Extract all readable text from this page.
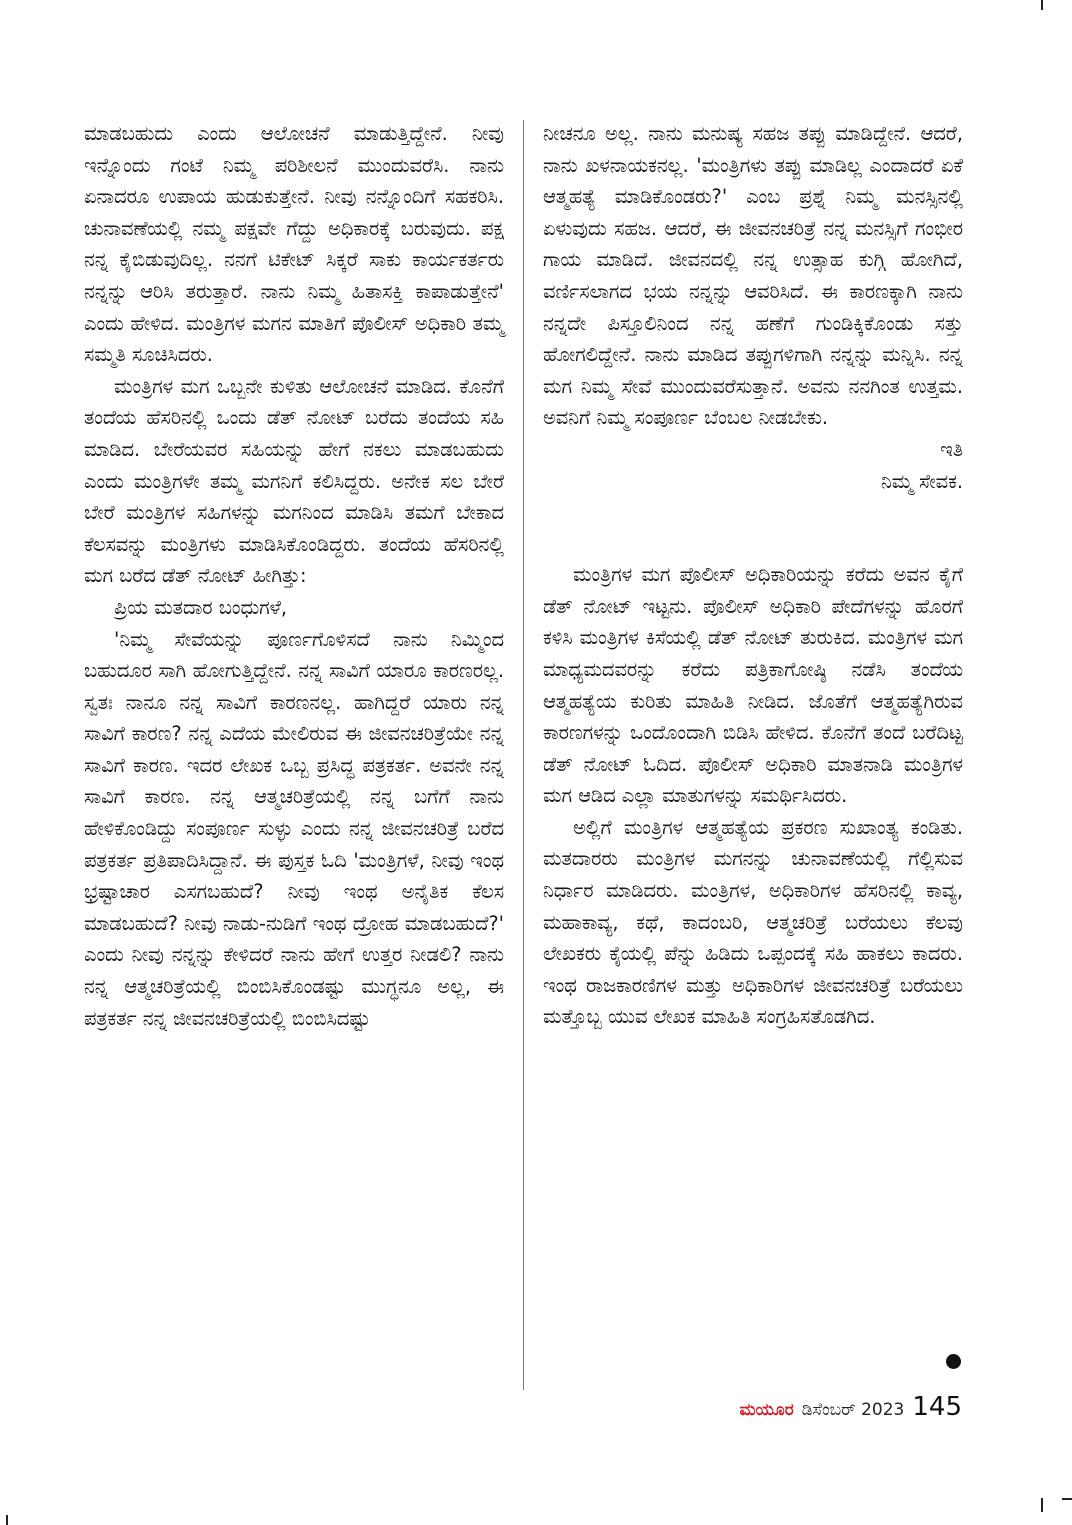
ಮಾಡಬಹುದು ಎಂದು ಆಲೋಚನೆ ಮಾಡುತ್ತಿದ್ದೇನೆ. ನೀವು ಇನ್ನೊಂದು ಗಂಟೆ ನಿಮ್ಮ ಪರಿಶೀಲನೆ ಮುಂದುವರೆಸಿ. ನಾನು ಏನಾದರೂ ಉಪಾಯ ಹುಡುಕುತ್ತೇನೆ. ನೀವು ನನ್ನೊಂದಿಗೆ ಸಹಕರಿಸಿ. ಚುನಾವಣೆಯಲ್ಲಿ ನಮ್ಮ ಪಕ್ಷವೇ ಗೆದ್ದು ಅಧಿಕಾರಕ್ಕೆ ಬರುವುದು. ಪಕ್ಷ ನನ್ನ ಕೈಬಿಡುವುದಿಲ್ಲ. ನನಗೆ ಟಿಕೇಟ್ ಸಿಕ್ಕರೆ ಸಾಕು ಕಾರ್ಯಕರ್ತರು ನನ್ನನ್ನು ಆರಿಸಿ ತರುತ್ತಾರೆ. ನಾನು ನಿಮ್ಮ ಹಿತಾಸಕ್ತಿ ಕಾಪಾಡುತ್ತೇನೆ' ಎಂದು ಹೇಳಿದ. ಮಂತ್ರಿಗಳ ಮಗನ ಮಾತಿಗೆ ಪೊಲೀಸ್ ಅಧಿಕಾರಿ ತಮ್ಮ ಸಮ್ಮತಿ ಸೂಚಿಸಿದರು.

ಮಂತ್ರಿಗಳ ಮಗ ಒಬ್ಬನೇ ಕುಳಿತು ಆಲೋಚನೆ ಮಾಡಿದ. ಕೊನೆಗೆ ತಂದೆಯ ಹೆಸರಿನಲ್ಲಿ ಒಂದು ಡೆತ್ ನೋಟ್ ಬರೆದು ತಂದೆಯ ಸಹಿ ಮಾಡಿದ. ಬೇರೆಯವರ ಸಹಿಯನ್ನು ಹೇಗೆ ನಕಲು ಮಾಡಬಹುದು ಎಂದು ಮಂತ್ರಿಗಳೇ ತಮ್ಮ ಮಗನಿಗೆ ಕಲಿಸಿದ್ದರು. ಅನೇಕ ಸಲ ಬೇರೆ ಬೇರೆ ಮಂತ್ರಿಗಳ ಸಹಿಗಳನ್ನು ಮಗನಿಂದ ಮಾಡಿಸಿ ತಮಗೆ ಬೇಕಾದ ಕೆಲಸವನ್ನು ಮಂತ್ರಿಗಳು ಮಾಡಿಸಿಕೊಂಡಿದ್ದರು. ತಂದೆಯ ಹೆಸರಿನಲ್ಲಿ ಮಗ ಬರೆದ ಡೆತ್ ನೋಟ್ ಹೀಗಿತ್ತು:

ಪ್ರಿಯ ಮತದಾರ ಬಂಧುಗಳೆ,

'ನಿಮ್ಮ ಸೇವೆಯನ್ನು ಪೂರ್ಣಗೊಳಿಸದೆ ನಾನು ನಿಮ್ಮಿಂದ ಬಹುದೂರ ಸಾಗಿ ಹೋಗುತ್ತಿದ್ದೇನೆ. ನನ್ನ ಸಾವಿಗೆ ಯಾರೂ ಕಾರಣರಲ್ಲ. ಸ್ವತಃ ನಾನೂ ನನ್ನ ಸಾವಿಗೆ ಕಾರಣನಲ್ಲ. ಹಾಗಿದ್ದರೆ ಯಾರು ನನ್ನ ಸಾವಿಗೆ ಕಾರಣ? ನನ್ನ ಎದೆಯ ಮೇಲಿರುವ ಈ ಜೀವನಚರಿತ್ರೆಯೇ ನನ್ನ ಸಾವಿಗೆ ಕಾರಣ. ಇದರ ಲೇಖಕ ಒಬ್ಬ ಪ್ರಸಿದ್ಧ ಪತ್ರಕರ್ತ. ಅವನೇ ನನ್ನ ಸಾವಿಗೆ ಕಾರಣ. ನನ್ನ ಆತ್ಮಚರಿತ್ರೆಯಲ್ಲಿ ನನ್ನ ಬಗೆಗೆ ನಾನು ಹೇಳಿಕೊಂಡಿದ್ದು ಸಂಪೂರ್ಣ ಸುಳ್ಳು ಎಂದು ನನ್ನ ಜೀವನಚರಿತ್ರೆ ಬರೆದ ಪತ್ರಕರ್ತ ಪ್ರತಿಪಾದಿಸಿದ್ದಾನೆ. ಈ ಪುಸ್ತಕ ಓದಿ 'ಮಂತ್ರಿಗಳೆ, ನೀವು ಇಂಥ ಭ್ರಷ್ಟಾಚಾರ ಎಸಗಬಹುದೆ? ನೀವು ಇಂಥ ಅನೈತಿಕ ಕೆಲಸ ಮಾಡಬಹುದೆ? ನೀವು ನಾಡು-ನುಡಿಗೆ ಇಂಥ ದ್ರೋಹ ಮಾಡಬಹುದೆ?' ಎಂದು ನೀವು ನನ್ನನ್ನು ಕೇಳಿದರೆ ನಾನು ಹೇಗೆ ಉತ್ತರ ನೀಡಲಿ? ನಾನು ನನ್ನ ಆತ್ಮಚರಿತ್ರೆಯಲ್ಲಿ ಬಿಂಬಿಸಿಕೊಂಡಷ್ಟು ಮುಗ್ಧನೂ ಅಲ್ಲ, ಈ ಪತ್ರಕರ್ತ ನನ್ನ ಜೀವನಚರಿತ್ರೆಯಲ್ಲಿ ಬಿಂಬಿಸಿದಷ್ಟು

ನೀಚನೂ ಅಲ್ಲ. ನಾನು ಮನುಷ್ಯ ಸಹಜ ತಪ್ಪು ಮಾಡಿದ್ದೇನೆ. ಆದರೆ, ನಾನು ಖಳನಾಯಕನಲ್ಲ. 'ಮಂತ್ರಿಗಳು ತಪ್ಪು ಮಾಡಿಲ್ಲ ಎಂದಾದರೆ ಏಕೆ ಆತ್ಮಹತ್ಯೆ ಮಾಡಿಕೊಂಡರು?' ಎಂಬ ಪ್ರಶ್ನೆ ನಿಮ್ಮ ಮನಸ್ಸಿನಲ್ಲಿ ಏಳುವುದು ಸಹಜ. ಆದರೆ, ಈ ಜೀವನಚರಿತ್ರೆ ನನ್ನ ಮನಸ್ಸಿಗೆ ಗಂಭೀರ ಗಾಯ ಮಾಡಿದೆ. ಜೀವನದಲ್ಲಿ ನನ್ನ ಉತ್ಸಾಹ ಕುಗ್ಗಿ ಹೋಗಿದೆ, ವರ್ಣಿಸಲಾಗದ ಭಯ ನನ್ನನ್ನು ಆವರಿಸಿದೆ. ಈ ಕಾರಣಕ್ಕಾಗಿ ನಾನು ನನ್ನದೇ ಪಿಸ್ತೂಲಿನಿಂದ ನನ್ನ ಹಣೆಗೆ ಗುಂಡಿಕ್ಕಿಕೊಂಡು ಸತ್ತು ಹೋಗಲಿದ್ದೇನೆ. ನಾನು ಮಾಡಿದ ತಪ್ಪುಗಳಿಗಾಗಿ ನನ್ನನ್ನು ಮನ್ನಿಸಿ. ನನ್ನ ಮಗ ನಿಮ್ಮ ಸೇವೆ ಮುಂದುವರೆಸುತ್ತಾನೆ. ಅವನು ನನಗಿಂತ ಉತ್ತಮ. ಅವನಿಗೆ ನಿಮ್ಮ ಸಂಪೂರ್ಣ ಬೆಂಬಲ ನೀಡಬೇಕು.

ಇತಿ

ನಿಮ್ಮ ಸೇವಕ.

ಮಂತ್ರಿಗಳ ಮಗ ಪೊಲೀಸ್ ಅಧಿಕಾರಿಯನ್ನು ಕರೆದು ಅವನ ಕೈಗೆ ಡೆತ್ ನೋಟ್ ಇಟ್ಟನು. ಪೊಲೀಸ್ ಅಧಿಕಾರಿ ಪೇದೆಗಳನ್ನು ಹೊರಗೆ ಕಳಿಸಿ ಮಂತ್ರಿಗಳ ಕಿಸೆಯಲ್ಲಿ ಡೆತ್ ನೋಟ್ ತುರುಕಿದ. ಮಂತ್ರಿಗಳ ಮಗ ಮಾಧ್ಯಮದವರನ್ನು ಕರೆದು ಪತ್ರಿಕಾಗೋಷ್ಠಿ ನಡೆಸಿ ತಂದೆಯ ಆತ್ಮಹತ್ಯೆಯ ಕುರಿತು ಮಾಹಿತಿ ನೀಡಿದ. ಜೊತೆಗೆ ಆತ್ಮಹತ್ಯೆಗಿರುವ ಕಾರಣಗಳನ್ನು ಒಂದೊಂದಾಗಿ ಬಿಡಿಸಿ ಹೇಳಿದ. ಕೊನೆಗೆ ತಂದೆ ಬರೆದಿಟ್ಟ ಡೆತ್ ನೋಟ್ ಓದಿದ. ಪೊಲೀಸ್ ಅಧಿಕಾರಿ ಮಾತನಾಡಿ ಮಂತ್ರಿಗಳ ಮಗ ಆಡಿದ ಎಲ್ಲಾ ಮಾತುಗಳನ್ನು ಸಮರ್ಥಿಸಿದರು.

ಅಲ್ಲಿಗೆ ಮಂತ್ರಿಗಳ ಆತ್ಮಹತ್ಯೆಯ ಪ್ರಕರಣ ಸುಖಾಂತ್ಯ ಕಂಡಿತು. ಮತದಾರರು ಮಂತ್ರಿಗಳ ಮಗನನ್ನು ಚುನಾವಣೆಯಲ್ಲಿ ಗೆಲ್ಲಿಸುವ ನಿರ್ಧಾರ ಮಾಡಿದರು. ಮಂತ್ರಿಗಳ, ಅಧಿಕಾರಿಗಳ ಹೆಸರಿನಲ್ಲಿ ಕಾವ್ಯ, ಮಹಾಕಾವ್ಯ, ಕಥೆ, ಕಾದಂಬರಿ, ಆತ್ಮಚರಿತ್ರೆ ಬರೆಯಲು ಕೆಲವು ಲೇಖಕರು ಕೈಯಲ್ಲಿ ಪೆನ್ನು ಹಿಡಿದು ಒಪ್ಪಂದಕ್ಕೆ ಸಹಿ ಹಾಕಲು ಕಾದರು. ಇಂಥ ರಾಜಕಾರಣಿಗಳ ಮತ್ತು ಅಧಿಕಾರಿಗಳ ಜೀವನಚರಿತ್ರೆ ಬರೆಯಲು ಮತ್ತೊಬ್ಬ ಯುವ ಲೇಖಕ ಮಾಹಿತಿ ಸಂಗ್ರಹಿಸತೊಡಗಿದ.

ಮಯೂರ ಡಿಸೆಂಬರ್ 2023 145
